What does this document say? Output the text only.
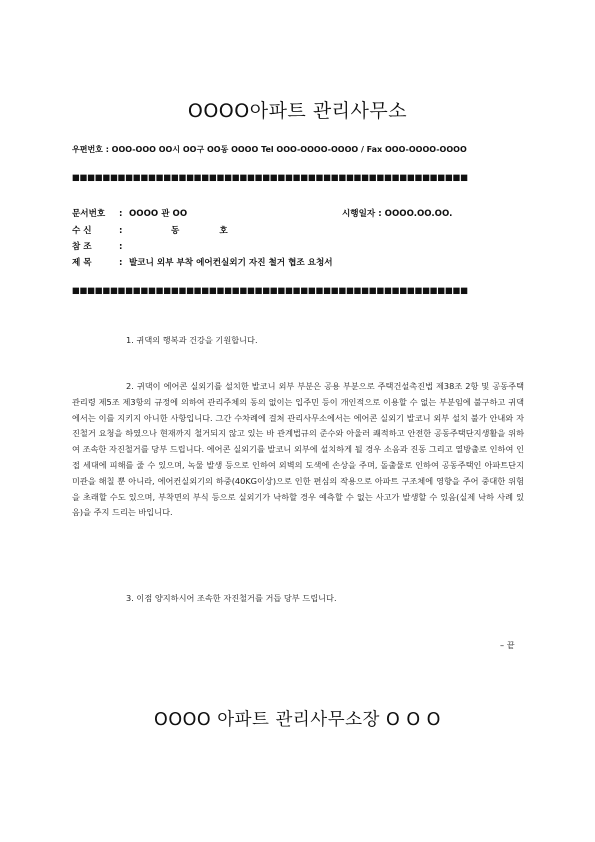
OOOO아파트 관리사무소
우편번호 : OOO-OOO OO시 OO구 OO동 OOOO Tel OOO-OOOO-OOOO / Fax OOO-OOOO-OOOO
■■■■■■■■■■■■■■■■■■■■■■■■■■■■■■■■■■■■■■■■■■■■■■■■■■■■
문서번호 : OOOO 관 OO	시행일자 : OOOO.OO.OO.
수 신	:	동	호
참 조	:
제 목	: 발코니 외부 부착 에어컨실외기 자진 철거 협조 요청서
■■■■■■■■■■■■■■■■■■■■■■■■■■■■■■■■■■■■■■■■■■■■■■■■■■■■
1. 귀댁의 행복과 건강을 기원합니다.
2. 귀댁이 에어콘 실외기를 설치한 발코니 외부 부분은 공용 부분으로 주택건설촉진법 제38조 2항 및 공동주택관리령 제5조 제3항의 규정에 의하여 관리주체의 동의 없이는 입주민 등이 개인적으로 이용할 수 없는 부분임에 불구하고 귀댁에서는 이를 지키지 아니한 사항입니다. 그간 수차례에 걸쳐 관리사무소에서는 에어콘 실외기 발코니 외부 설치 불가 안내와 자진철거 요청을 하였으나 현재까지 철거되지 않고 있는 바 관계법규의 준수와 아울러 쾌적하고 안전한 공동주택단지생활을 위하여 조속한 자진철거를 당부 드립니다. 에어콘 실외기를 발코니 외부에 설치하게 될 경우 소음과 진동 그리고 열방출로 인하여 인접 세대에 피해를 줄 수 있으며, 녹물 발생 등으로 인하여 외벽의 도색에 손상을 주며, 돌출물로 인하여 공동주택인 아파트단지 미관을 해칠 뿐 아니라, 에어컨실외기의 하중(40KG이상)으로 인한 편심의 작용으로 아파트 구조체에 영향을 주어 중대한 위험을 초래할 수도 있으며, 부착면의 부식 등으로 실외기가 낙하할 경우 예측할 수 없는 사고가 발생할 수 있음(실제 낙하 사례 있음)을 주지 드리는 바입니다.
3. 이점 양지하시어 조속한 자진철거를 거듭 당부 드립니다.
– 끝
OOOO 아파트 관리사무소장 O O O
